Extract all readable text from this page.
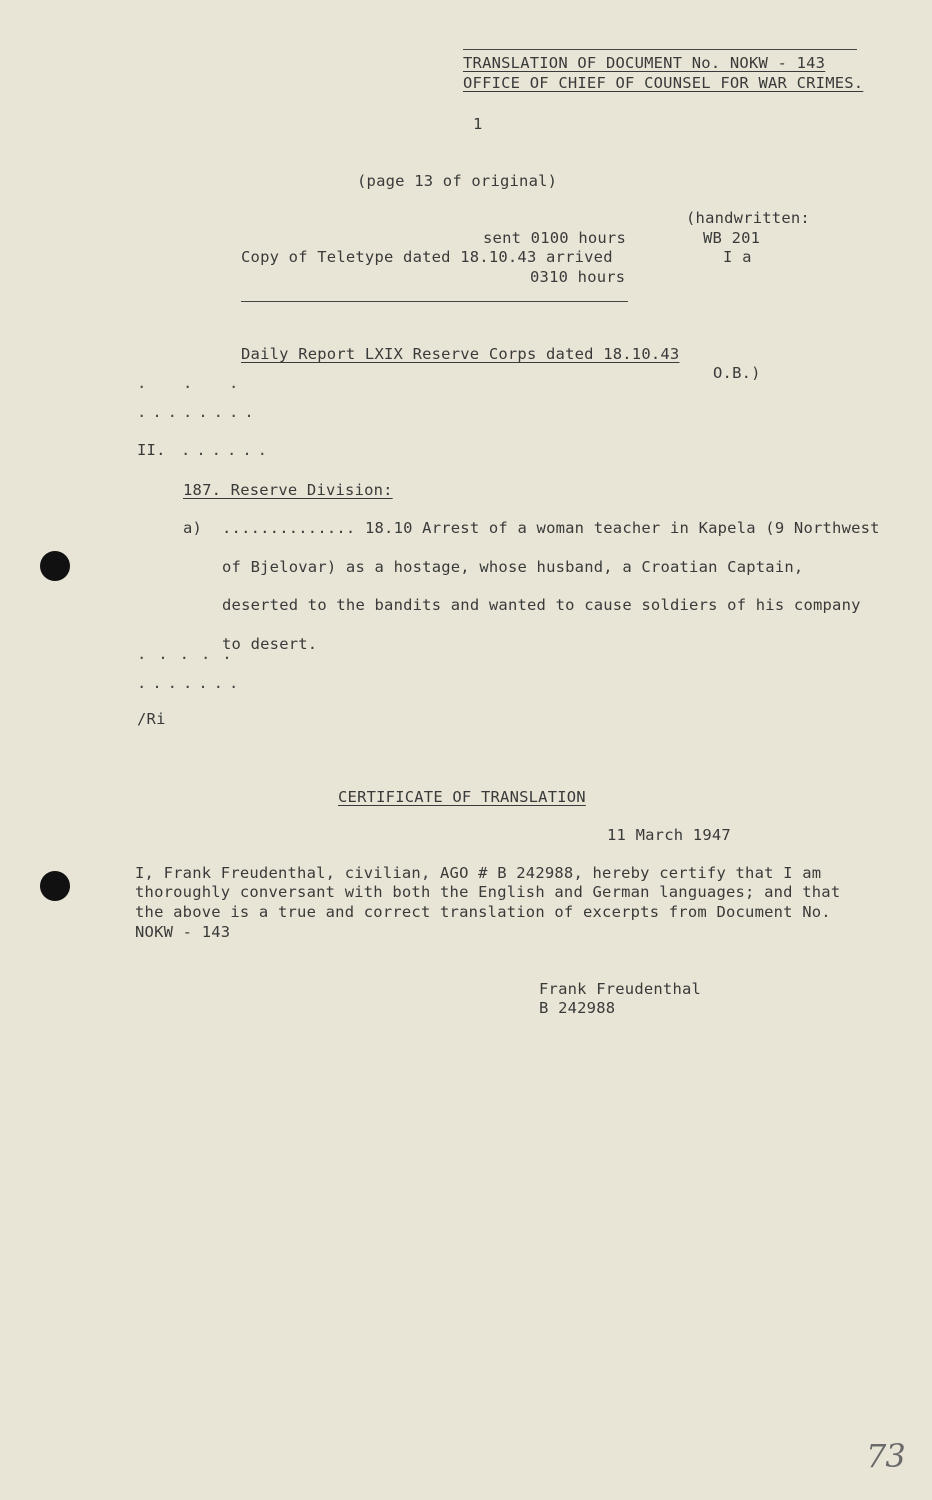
TRANSLATION OF DOCUMENT No. NOKW - 143
OFFICE OF CHIEF OF COUNSEL FOR WAR CRIMES.
1
(page 13 of original)
sent 0100 hours
Copy of Teletype dated 18.10.43 arrived
0310 hours
(handwritten:
WB 201
I a
O.B.)
Daily Report LXIX Reserve Corps dated 18.10.43
.  .  .
........
II. ......
187. Reserve Division:
a) .............. 18.10 Arrest of a woman teacher in Kapela (9 Northwest
of Bjelovar) as a hostage, whose husband, a Croatian Captain,
deserted to the bandits and wanted to cause soldiers of his company
to desert.
.....
.......
/Ri
CERTIFICATE OF TRANSLATION
11 March 1947
I, Frank Freudenthal, civilian, AGO # B 242988, hereby certify that I am
thoroughly conversant with both the English and German languages; and that
the above is a true and correct translation of excerpts from Document No.
NOKW - 143
Frank Freudenthal
B 242988
73
